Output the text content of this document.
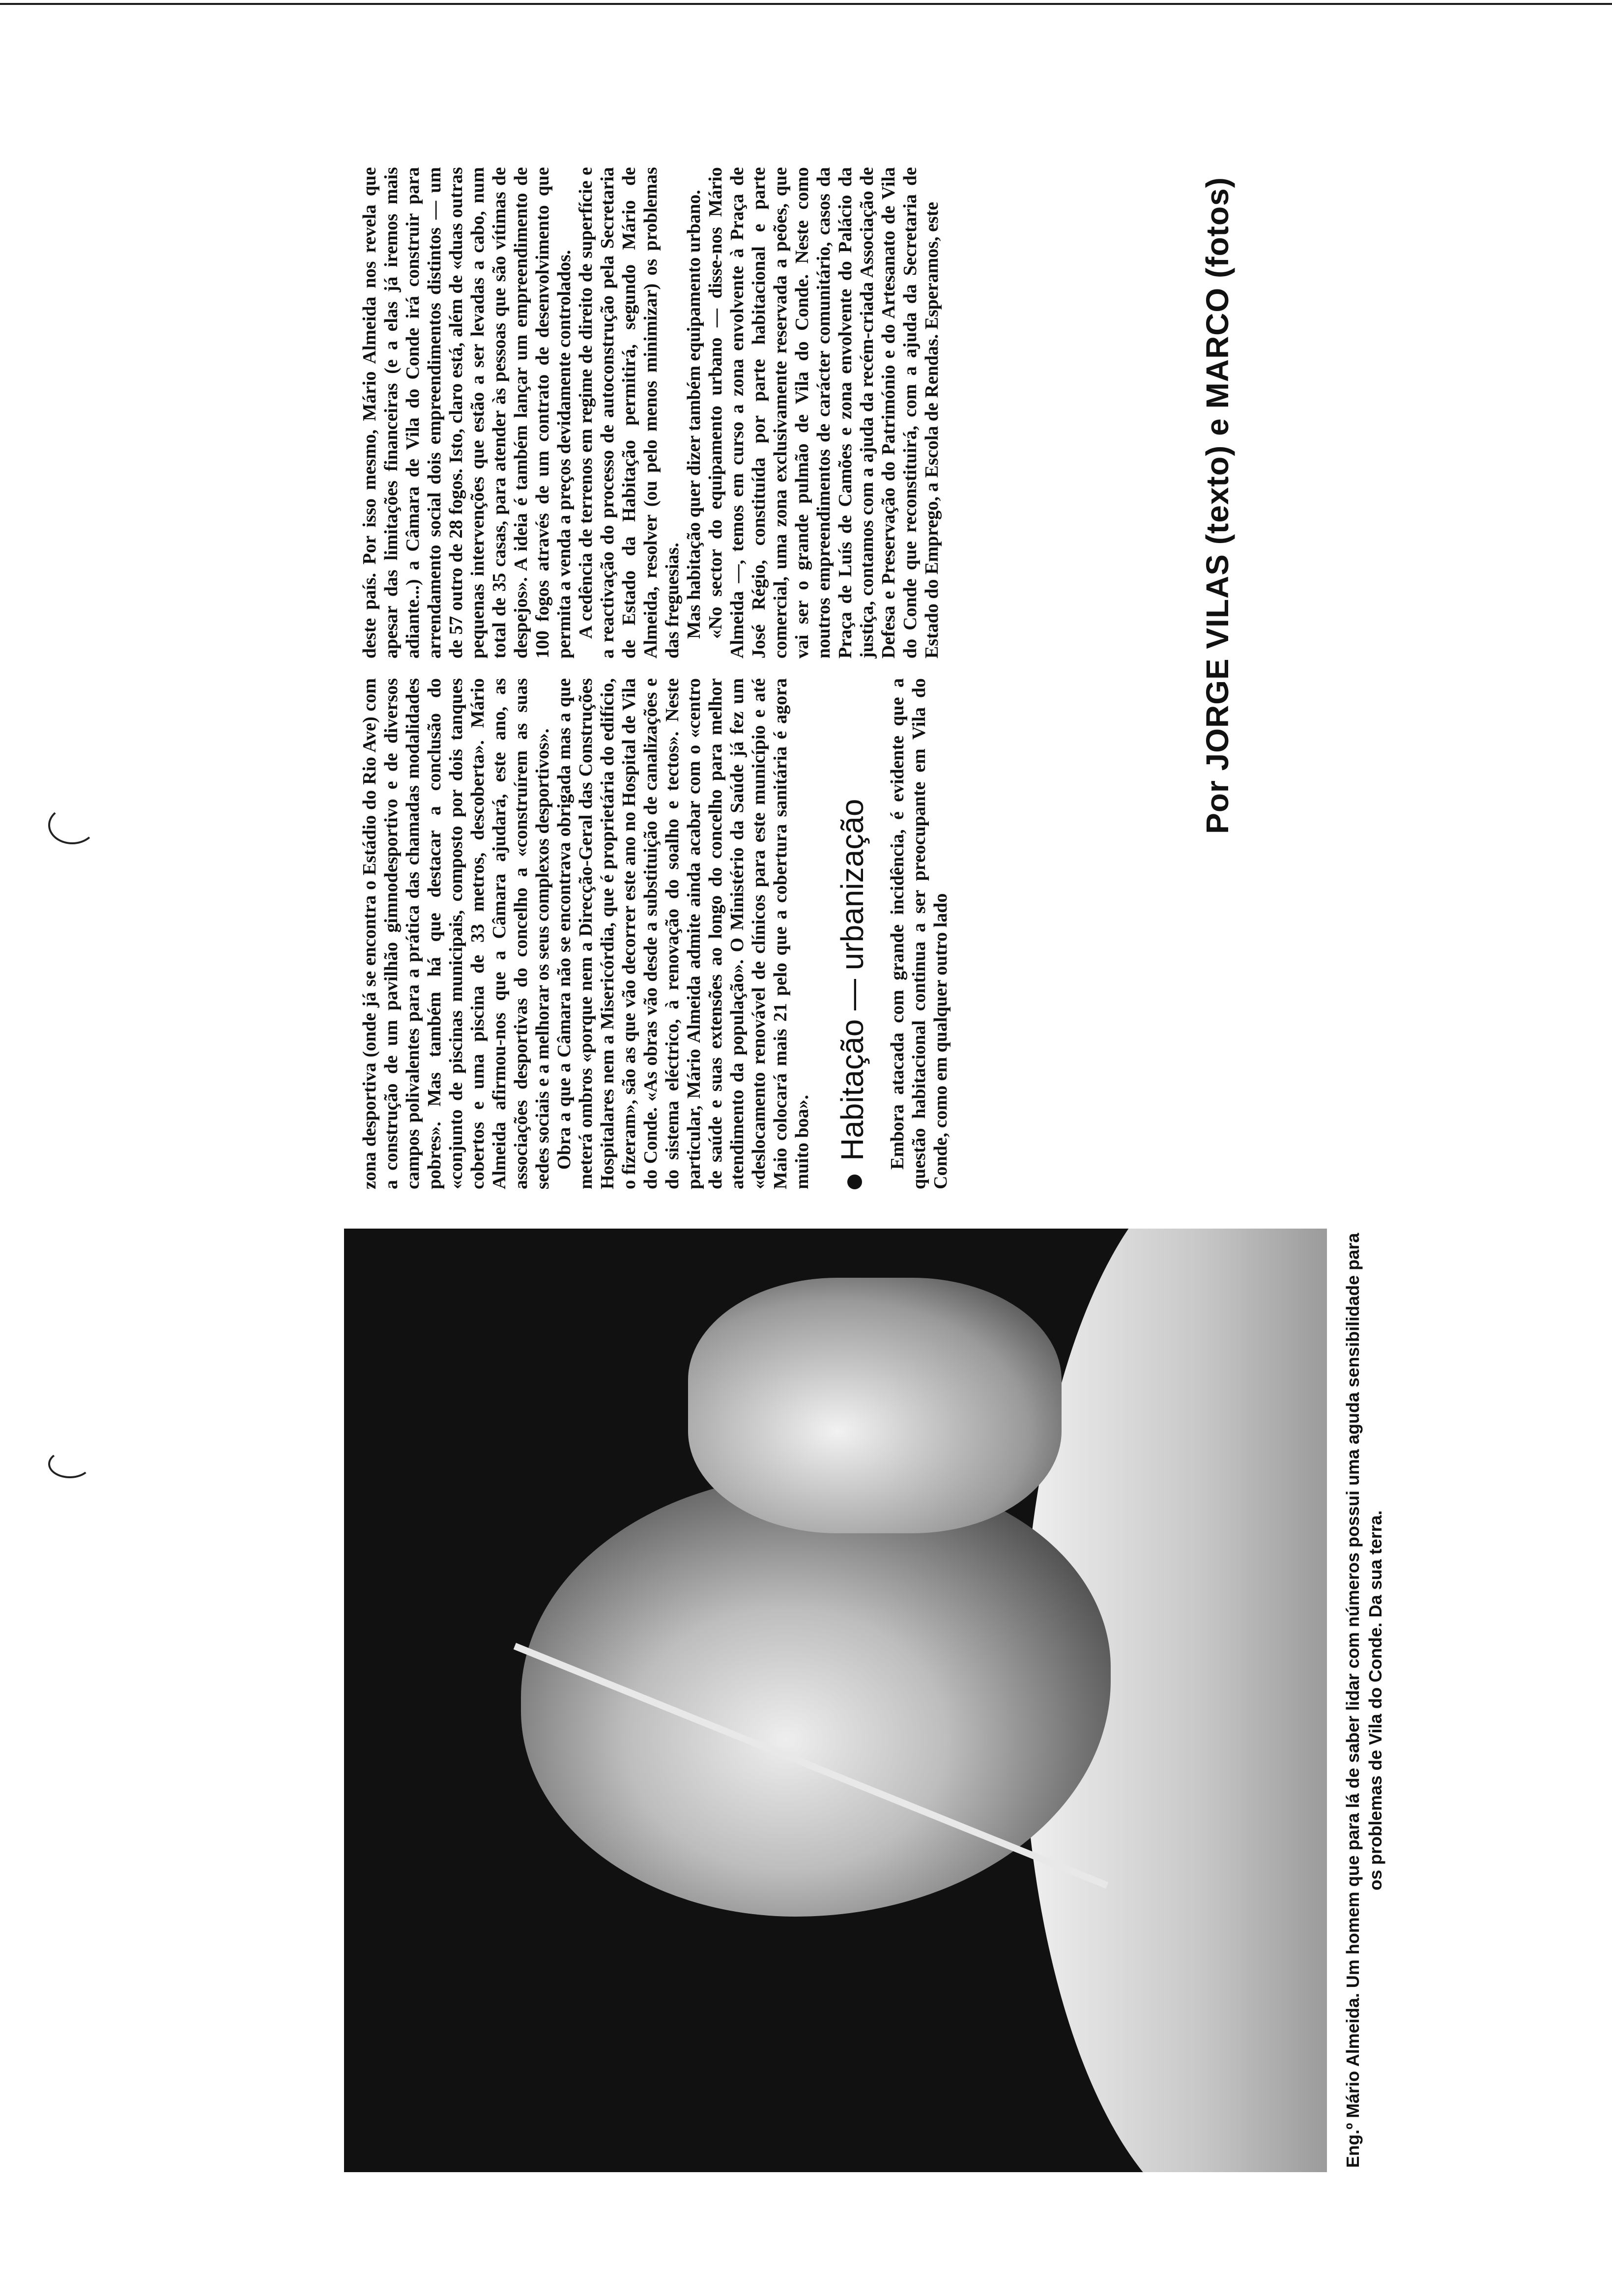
Eng.º Mário Almeida. Um homem que para lá de saber lidar com números possui uma aguda sensibilidade para os problemas de Vila do Conde. Da sua terra.
Por JORGE VILAS (texto) e MARCO (fotos)

zona desportiva (onde já se encontra o Estádio do Rio Ave) com a construção de um pavilhão gimnodesportivo e de diversos campos polivalentes para a prática das chamadas modalidades pobres». Mas também há que destacar a conclusão do «conjunto de piscinas municipais, composto por dois tanques cobertos e uma piscina de 33 metros, descoberta». Mário Almeida afirmou-nos que a Câmara ajudará, este ano, as associações desportivas do concelho a «construírem as suas sedes sociais e a melhorar os seus complexos desportivos». Obra a que a Câmara não se encontrava obrigada mas a que meterá ombros «porque nem a Direcção-Geral das Construções Hospitalares nem a Misericórdia, que é proprietária do edifício, o fizeram», são as que vão decorrer este ano no Hospital de Vila do Conde. «As obras vão desde a substituição de canalizações e do sistema eléctrico, à renovação do soalho e tectos». Neste particular, Mário Almeida admite ainda acabar com o «centro de saúde e suas extensões ao longo do concelho para melhor atendimento da população». O Ministério da Saúde já fez um «deslocamento renovável de clínicos para este município e até Maio colocará mais 21 pelo que a cobertura sanitária é agora muito boa». Habitação — urbanização Embora atacada com grande incidência, é evidente que a questão habitacional continua a ser preocupante em Vila do Conde, como em qualquer outro lado

deste país. Por isso mesmo, Mário Almeida nos revela que apesar das limitações financeiras (e a elas já iremos mais adiante...) a Câmara de Vila do Conde irá construir para arrendamento social dois empreendimentos distintos — um de 57 outro de 28 fogos. Isto, claro está, além de «duas outras pequenas intervenções que estão a ser levadas a cabo, num total de 35 casas, para atender às pessoas que são vítimas de despejos». A ideia é também lançar um empreendimento de 100 fogos através de um contrato de desenvolvimento que permita a venda a preços devidamente controlados. A cedência de terrenos em regime de direito de superfície e a reactivação do processo de autoconstrução pela Secretaria de Estado da Habitação permitirá, segundo Mário de Almeida, resolver (ou pelo menos minimizar) os problemas das freguesias. Mas habitação quer dizer também equipamento urbano. «No sector do equipamento urbano — disse-nos Mário Almeida —, temos em curso a zona envolvente à Praça de José Régio, constituída por parte habitacional e parte comercial, uma zona exclusivamente reservada a peões, que vai ser o grande pulmão de Vila do Conde. Neste como noutros empreendimentos de carácter comunitário, casos da Praça de Luís de Camões e zona envolvente do Palácio da justiça, contamos com a ajuda da recém-criada Associação de Defesa e Preservação do Património e do Artesanato de Vila do Conde que reconstituirá, com a ajuda da Secretaria de Estado do Emprego, a Escola de Rendas. Esperamos, este
